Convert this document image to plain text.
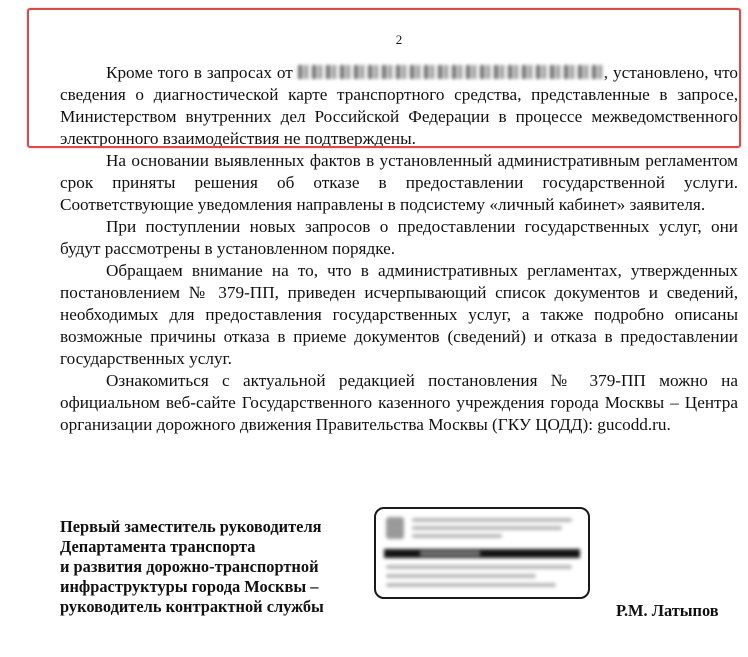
2

Кроме того в запросах от	, установлено, что сведения о диагностической карте транспортного средства, представленные в запросе, Министерством внутренних дел Российской Федерации в процессе межведомственного электронного взаимодействия не подтверждены.

На основании выявленных фактов в установленный административным регламентом срок приняты решения об отказе в предоставлении государственной услуги. Соответствующие уведомления направлены в подсистему «личный кабинет» заявителя.

При поступлении новых запросов о предоставлении государственных услуг, они будут рассмотрены в установленном порядке.

Обращаем внимание на то, что в административных регламентах, утвержденных постановлением № 379-ПП, приведен исчерпывающий список документов и сведений, необходимых для предоставления государственных услуг, а также подробно описаны возможные причины отказа в приеме документов (сведений) и отказа в предоставлении государственных услуг.

Ознакомиться с актуальной редакцией постановления № 379-ПП можно на официальном веб-сайте Государственного казенного учреждения города Москвы – Центра организации дорожного движения Правительства Москвы (ГКУ ЦОДД): gucodd.ru.

Первый заместитель руководителя
Департамента транспорта
и развития дорожно-транспортной
инфраструктуры города Москвы –
руководитель контрактной службы	Р.М. Латыпов
